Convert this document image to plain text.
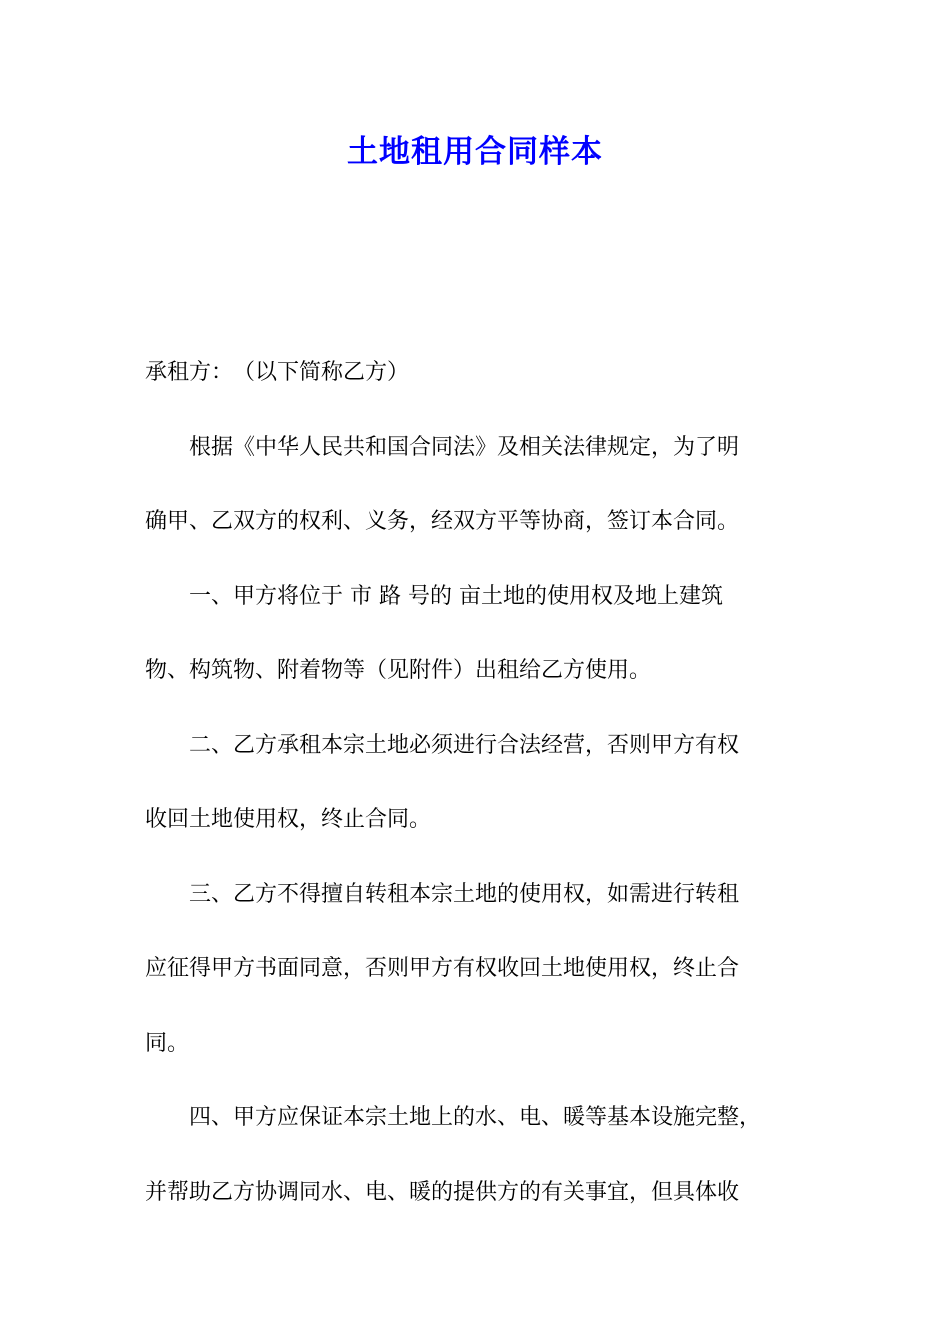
土地租用合同样本
承租方：　（以下简称乙方）
　　根据《中华人民共和国合同法》及相关法律规定，为了明
确甲、乙双方的权利、义务，经双方平等协商，签订本合同。
　　一、甲方将位于 市 路 号的 亩土地的使用权及地上建筑
物、构筑物、附着物等（见附件）出租给乙方使用。
　　二、乙方承租本宗土地必须进行合法经营，否则甲方有权
收回土地使用权，终止合同。
　　三、乙方不得擅自转租本宗土地的使用权，如需进行转租
应征得甲方书面同意，否则甲方有权收回土地使用权，终止合
同。
　　四、甲方应保证本宗土地上的水、电、暖等基本设施完整，
并帮助乙方协调同水、电、暖的提供方的有关事宜，但具体收
